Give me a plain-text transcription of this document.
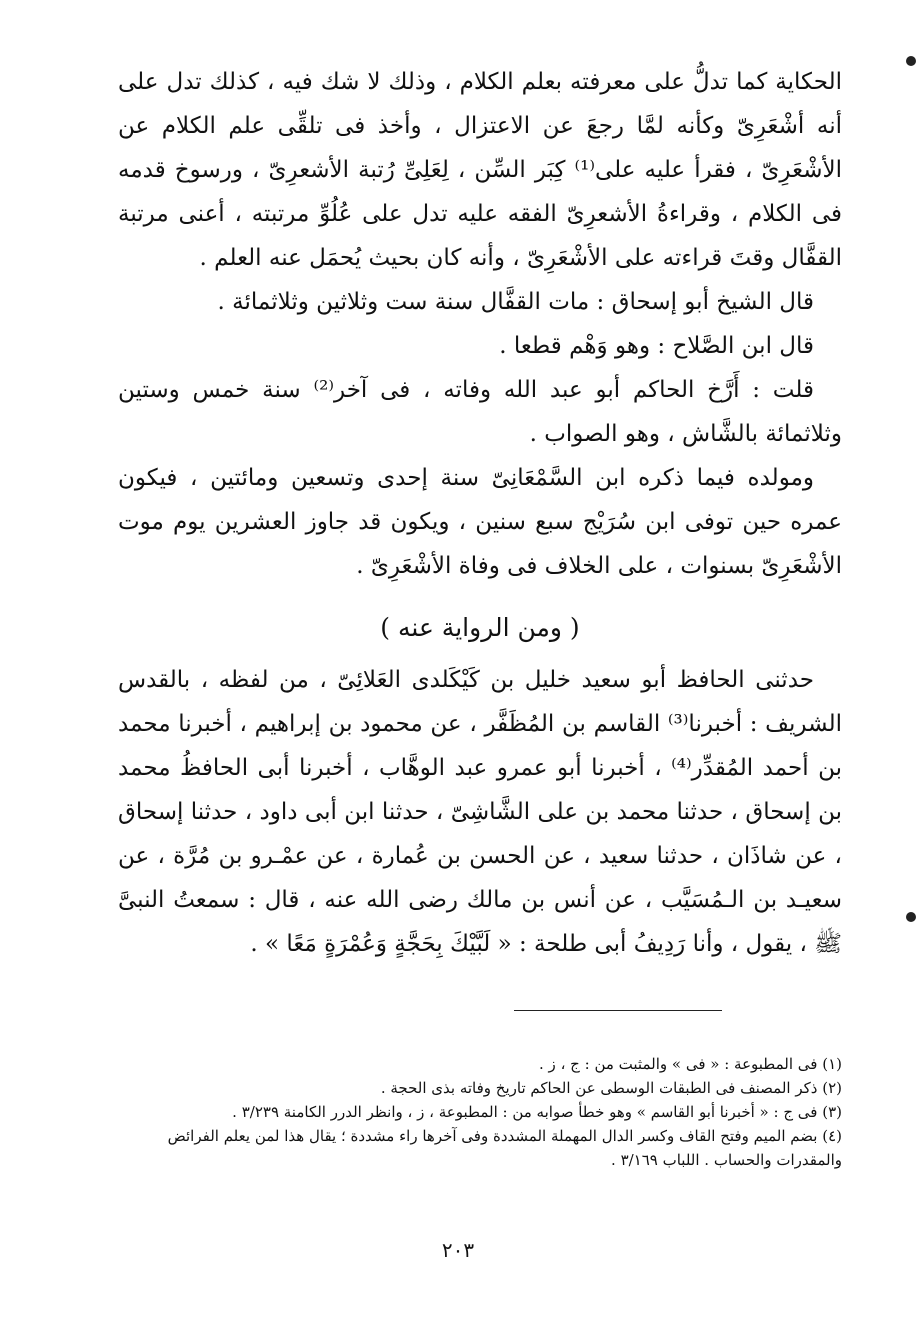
الحكاية كما تدلُّ على معرفته بعلم الكلام ، وذلك لا شك فيه ، كذلك تدل على أنه أشْعَرِىّ وكأنه لمَّا رجعَ عن الاعتزال ، وأخذ فى تلقِّى علم الكلام عن الأشْعَرِىّ ، فقرأ عليه على⁽¹⁾ كِبَر السِّن ، لِعَلِىِّ رُتبة الأشعرِىّ ، ورسوخ قدمه فى الكلام ، وقراءةُ الأشعرِىّ الفقه عليه تدل على عُلُوِّ مرتبته ، أعنى مرتبة القفَّال وقتَ قراءته على الأشْعَرِىّ ، وأنه كان بحيث يُحمَل عنه العلم .

قال الشيخ أبو إسحاق : مات القفَّال سنة ست وثلاثين وثلاثمائة .

قال ابن الصَّلاح : وهو وَهْم قطعا .

قلت : أَرَّخ الحاكم أبو عبد الله وفاته ، فى آخر⁽²⁾ سنة خمس وستين وثلاثمائة بالشَّاش ، وهو الصواب .

ومولده فيما ذكره ابن السَّمْعَانِىّ سنة إحدى وتسعين ومائتين ، فيكون عمره حين توفى ابن سُرَيْج سبع سنين ، ويكون قد جاوز العشرين يوم موت الأشْعَرِىّ بسنوات ، على الخلاف فى وفاة الأشْعَرِىّ .

( ومن الرواية عنه )

حدثنى الحافظ أبو سعيد خليل بن كَيْكَلدى العَلائِىّ ، من لفظه ، بالقدس الشريف : أخبرنا⁽³⁾ القاسم بن المُظَفَّر ، عن محمود بن إبراهيم ، أخبرنا محمد بن أحمد المُقدِّر⁽⁴⁾ ، أخبرنا أبو عمرو عبد الوهَّاب ، أخبرنا أبى الحافظُ محمد بن إسحاق ، حدثنا محمد بن على الشَّاشِىّ ، حدثنا ابن أبى داود ، حدثنا إسحاق ، عن شاذَان ، حدثنا سعيد ، عن الحسن بن عُمارة ، عن عمْـرو بن مُرَّة ، عن سعيـد بن الـمُسَيَّب ، عن أنس بن مالك رضى الله عنه ، قال : سمعتُ النبىَّ ﷺ ، يقول ، وأنا رَدِيفُ أبى طلحة : « لَبَّيْكَ بِحَجَّةٍ وَعُمْرَةٍ مَعًا » .

(١) فى المطبوعة : « فى » والمثبت من : ج ، ز .

(٢) ذكر المصنف فى الطبقات الوسطى عن الحاكم تاريخ وفاته بذى الحجة .

(٣) فى ج : « أخبرنا أبو القاسم » وهو خطأ صوابه من : المطبوعة ، ز ، وانظر الدرر الكامنة ٣/٢٣٩ .

(٤) بضم الميم وفتح القاف وكسر الدال المهملة المشددة وفى آخرها راء مشددة ؛ يقال هذا لمن يعلم الفرائض والمقدرات والحساب . اللباب ٣/١٦٩ .

٢٠٣
